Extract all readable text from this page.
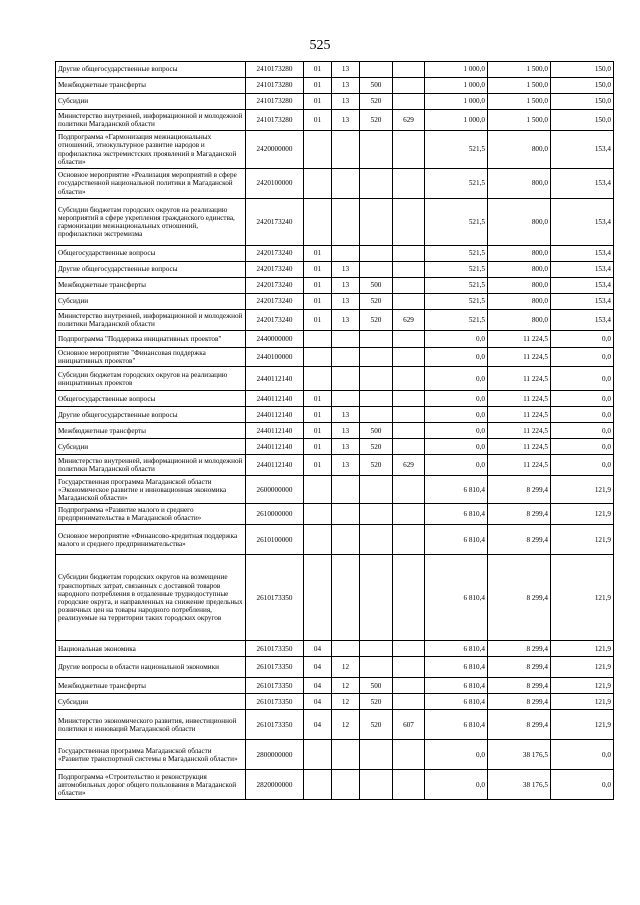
525
Другие общегосударственные вопросы	2410173280	01	13			1 000,0	1 500,0	150,0
Межбюджетные трансферты	2410173280	01	13	500		1 000,0	1 500,0	150,0
Субсидии	2410173280	01	13	520		1 000,0	1 500,0	150,0
Министерство внутренней, информационной и молодежной политики Магаданской области	2410173280	01	13	520	629	1 000,0	1 500,0	150,0
Подпрограмма «Гармонизация межнациональных отношений, этнокультурное развитие народов и профилактика экстремистских проявлений в Магаданской области»	2420000000					521,5	800,0	153,4
Основное мероприятие «Реализация мероприятий в сфере государственной национальной политики в Магаданской области»	2420100000					521,5	800,0	153,4
Субсидии бюджетам городских округов на реализацию мероприятий в сфере укрепления гражданского единства, гармонизации межнациональных отношений, профилактики экстремизма	2420173240					521,5	800,0	153,4
Общегосударственные вопросы	2420173240	01				521,5	800,0	153,4
Другие общегосударственные вопросы	2420173240	01	13			521,5	800,0	153,4
Межбюджетные трансферты	2420173240	01	13	500		521,5	800,0	153,4
Субсидии	2420173240	01	13	520		521,5	800,0	153,4
Министерство внутренней, информационной и молодежной политики Магаданской области	2420173240	01	13	520	629	521,5	800,0	153,4
Подпрограмма "Поддержка инициативных проектов"	2440000000					0,0	11 224,5	0,0
Основное мероприятие "Финансовая поддержка инициативных проектов"	2440100000					0,0	11 224,5	0,0
Субсидии бюджетам городских округов на реализацию инициативных проектов	2440112140					0,0	11 224,5	0,0
Общегосударственные вопросы	2440112140	01				0,0	11 224,5	0,0
Другие общегосударственные вопросы	2440112140	01	13			0,0	11 224,5	0,0
Межбюджетные трансферты	2440112140	01	13	500		0,0	11 224,5	0,0
Субсидии	2440112140	01	13	520		0,0	11 224,5	0,0
Министерство внутренней, информационной и молодежной политики Магаданской области	2440112140	01	13	520	629	0,0	11 224,5	0,0
Государственная программа Магаданской области «Экономическое развитие и инновационная экономика Магаданской области»	2600000000					6 810,4	8 299,4	121,9
Подпрограмма «Развитие малого и среднего предпринимательства в Магаданской области»	2610000000					6 810,4	8 299,4	121,9
Основное мероприятие «Финансово-кредитная поддержка малого и среднего предпринимательства»	2610100000					6 810,4	8 299,4	121,9
Субсидии бюджетам городских округов на возмещение транспортных затрат, связанных с доставкой товаров народного потребления в отдаленные труднодоступные городские округа, и направленных на снижение предельных розничных цен на товары народного потребления, реализуемые на территории таких городских округов	2610173350					6 810,4	8 299,4	121,9
Национальная экономика	2610173350	04				6 810,4	8 299,4	121,9
Другие вопросы в области национальной экономики	2610173350	04	12			6 810,4	8 299,4	121,9
Межбюджетные трансферты	2610173350	04	12	500		6 810,4	8 299,4	121,9
Субсидии	2610173350	04	12	520		6 810,4	8 299,4	121,9
Министерство экономического развития, инвестиционной политики и инноваций Магаданской области	2610173350	04	12	520	607	6 810,4	8 299,4	121,9
Государственная программа Магаданской области «Развитие транспортной системы в Магаданской области»	2800000000					0,0	38 176,5	0,0
Подпрограмма «Строительство и реконструкция автомобильных дорог общего пользования в Магаданской области»	2820000000					0,0	38 176,5	0,0
